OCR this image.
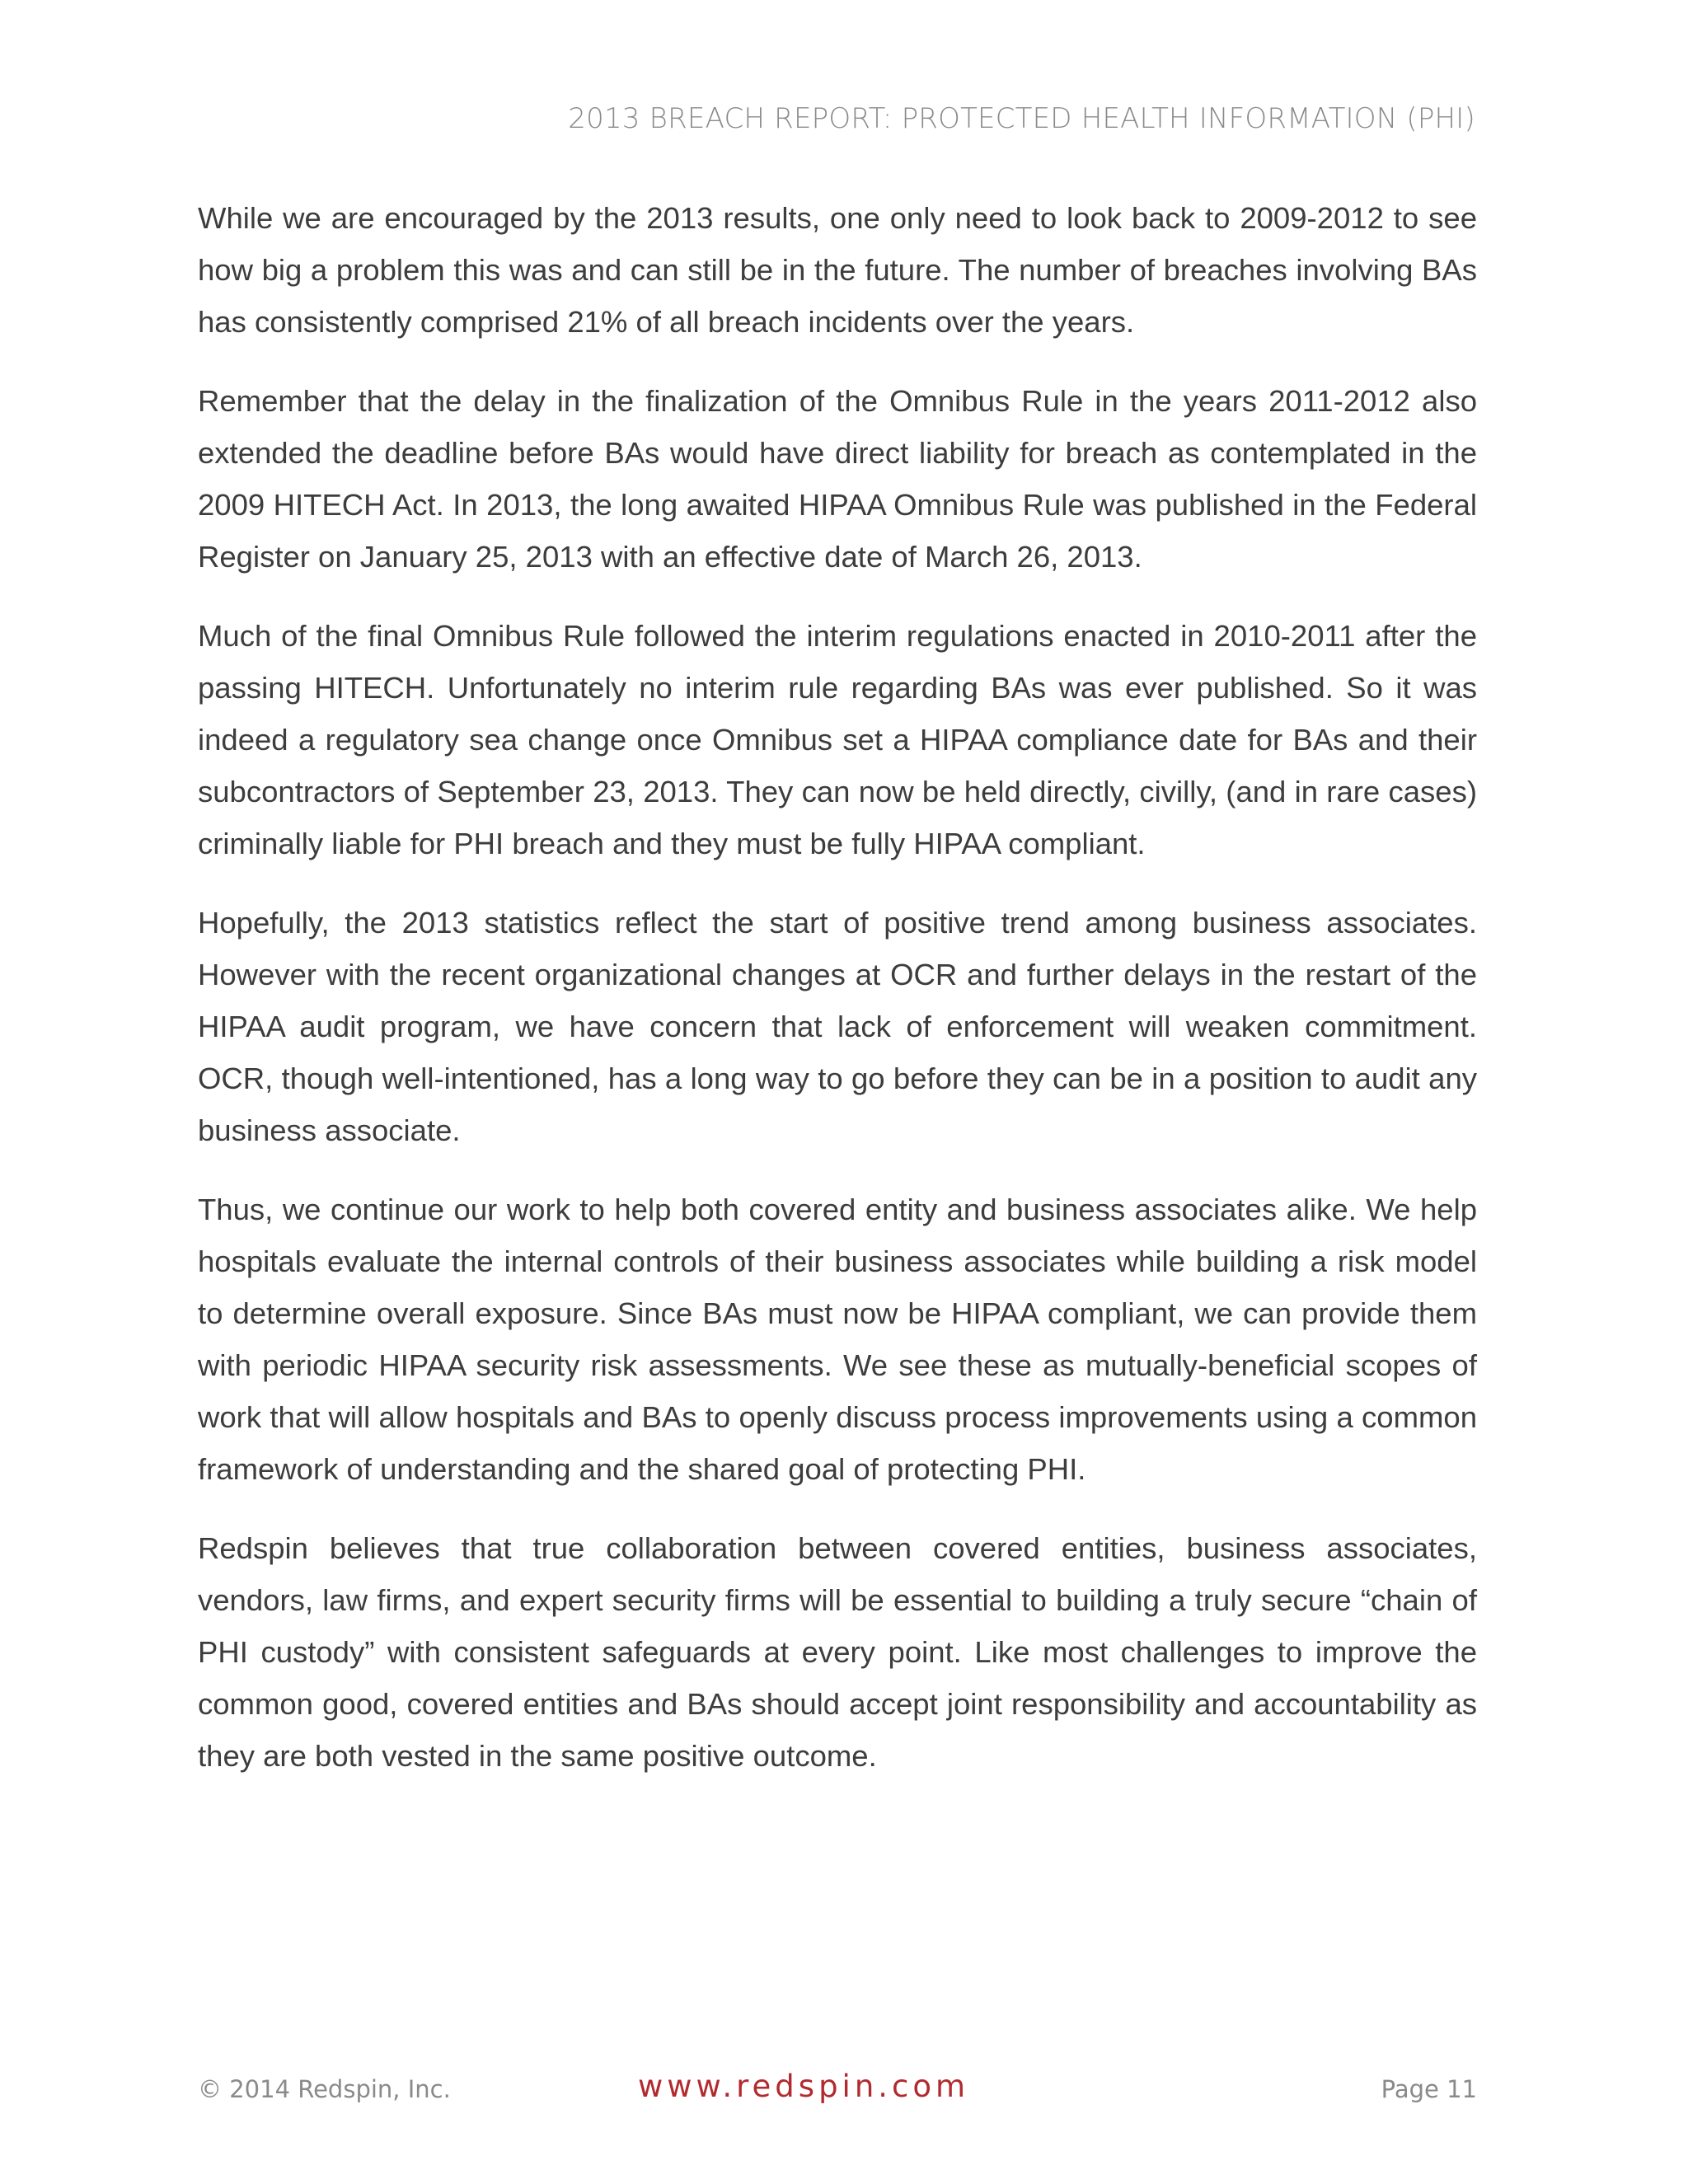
2013 BREACH REPORT: PROTECTED HEALTH INFORMATION (PHI)

While we are encouraged by the 2013 results, one only need to look back to 2009-2012 to see how big a problem this was and can still be in the future. The number of breaches involving BAs has consistently comprised 21% of all breach incidents over the years.

Remember that the delay in the finalization of the Omnibus Rule in the years 2011-2012 also extended the deadline before BAs would have direct liability for breach as contemplated in the 2009 HITECH Act. In 2013, the long awaited HIPAA Omnibus Rule was published in the Federal Register on January 25, 2013 with an effective date of March 26, 2013.

Much of the final Omnibus Rule followed the interim regulations enacted in 2010-2011 after the passing HITECH. Unfortunately no interim rule regarding BAs was ever published. So it was indeed a regulatory sea change once Omnibus set a HIPAA compliance date for BAs and their subcontractors of September 23, 2013. They can now be held directly, civilly, (and in rare cases) criminally liable for PHI breach and they must be fully HIPAA compliant.

Hopefully, the 2013 statistics reflect the start of positive trend among business associates. However with the recent organizational changes at OCR and further delays in the restart of the HIPAA audit program, we have concern that lack of enforcement will weaken commitment. OCR, though well-intentioned, has a long way to go before they can be in a position to audit any business associate.

Thus, we continue our work to help both covered entity and business associates alike. We help hospitals evaluate the internal controls of their business associates while building a risk model to determine overall exposure. Since BAs must now be HIPAA compliant, we can provide them with periodic HIPAA security risk assessments. We see these as mutually-beneficial scopes of work that will allow hospitals and BAs to openly discuss process improvements using a common framework of understanding and the shared goal of protecting PHI.

Redspin believes that true collaboration between covered entities, business associates, vendors, law firms, and expert security firms will be essential to building a truly secure “chain of PHI custody” with consistent safeguards at every point. Like most challenges to improve the common good, covered entities and BAs should accept joint responsibility and accountability as they are both vested in the same positive outcome.

© 2014 Redspin, Inc.	www.redspin.com	Page 11
